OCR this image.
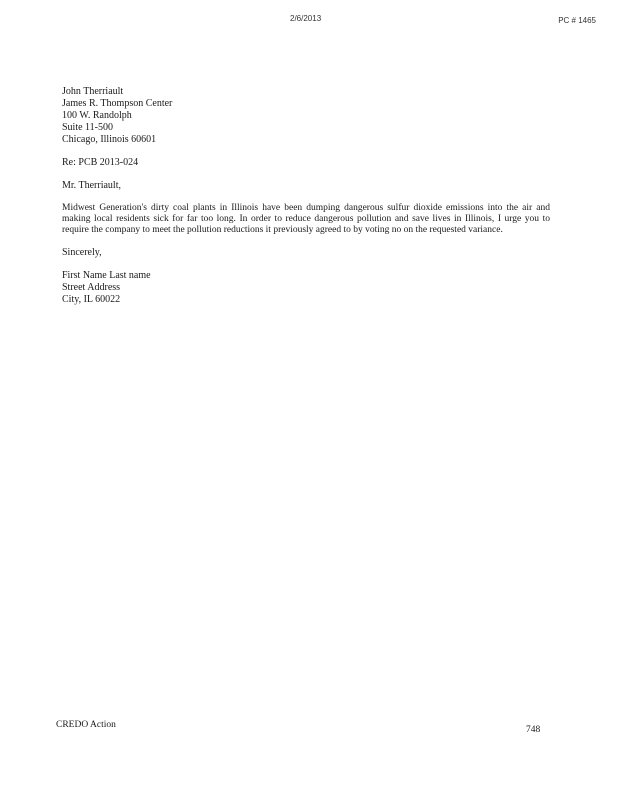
2/6/2013	PC # 1465
John Therriault
James R. Thompson Center
100 W. Randolph
Suite 11-500
Chicago, Illinois 60601
Re: PCB 2013-024
Mr. Therriault,
Midwest Generation's dirty coal plants in Illinois have been dumping dangerous sulfur dioxide emissions into the air and making local residents sick for far too long. In order to reduce dangerous pollution and save lives in Illinois, I urge you to require the company to meet the pollution reductions it previously agreed to by voting no on the requested variance.
Sincerely,
First Name Last name
Street Address
City, IL 60022
CREDO Action	748
